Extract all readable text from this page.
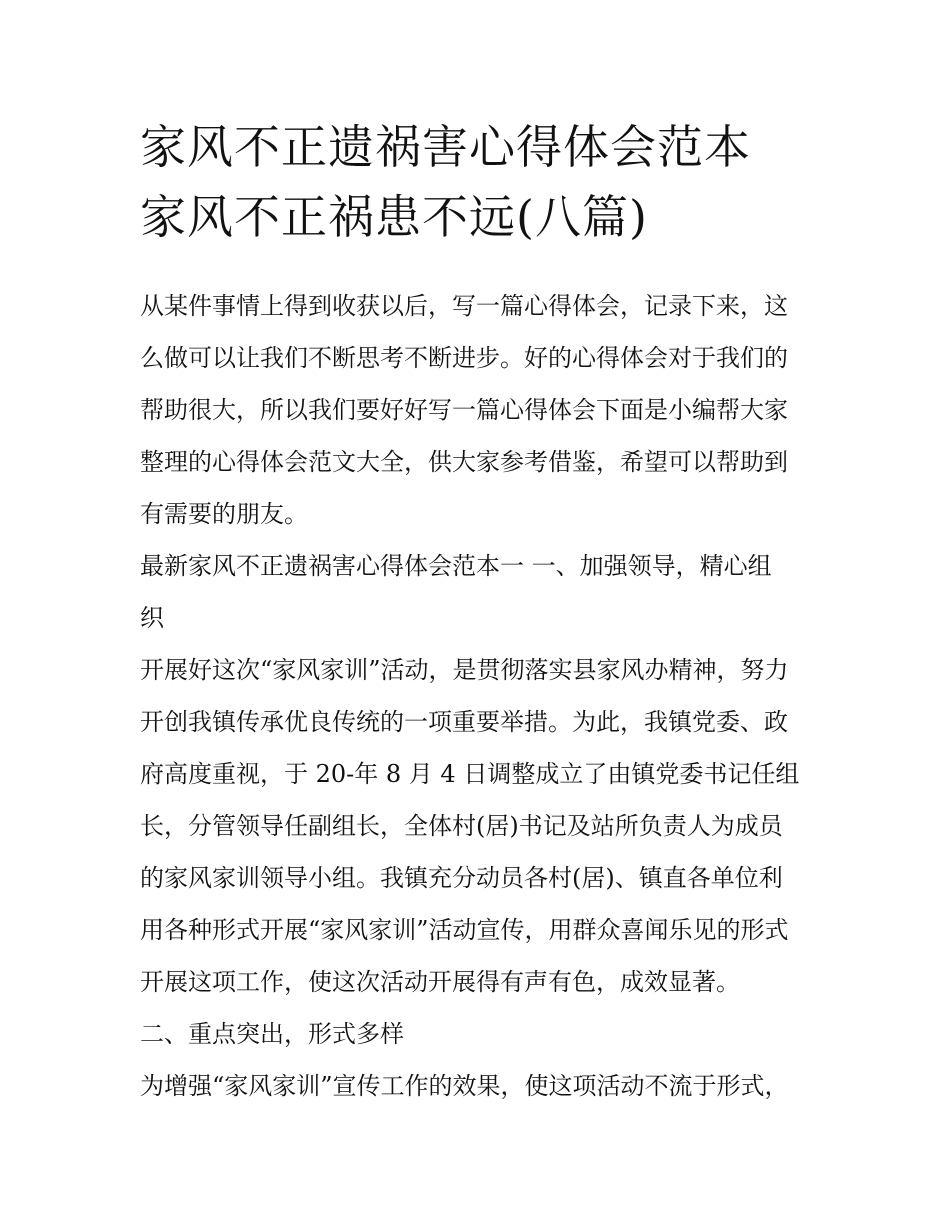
家风不正遗祸害心得体会范本
家风不正祸患不远(八篇)
从某件事情上得到收获以后，写一篇心得体会，记录下来，这
么做可以让我们不断思考不断进步。好的心得体会对于我们的
帮助很大，所以我们要好好写一篇心得体会下面是小编帮大家
整理的心得体会范文大全，供大家参考借鉴，希望可以帮助到
有需要的朋友。
最新家风不正遗祸害心得体会范本一 一、加强领导，精心组
织
开展好这次“家风家训”活动，是贯彻落实县家风办精神，努力
开创我镇传承优良传统的一项重要举措。为此，我镇党委、政
府高度重视，于 20-年 8 月 4 日调整成立了由镇党委书记任组
长，分管领导任副组长，全体村(居)书记及站所负责人为成员
的家风家训领导小组。我镇充分动员各村(居)、镇直各单位利
用各种形式开展“家风家训”活动宣传，用群众喜闻乐见的形式
开展这项工作，使这次活动开展得有声有色，成效显著。
二、重点突出，形式多样
为增强“家风家训”宣传工作的效果，使这项活动不流于形式，
